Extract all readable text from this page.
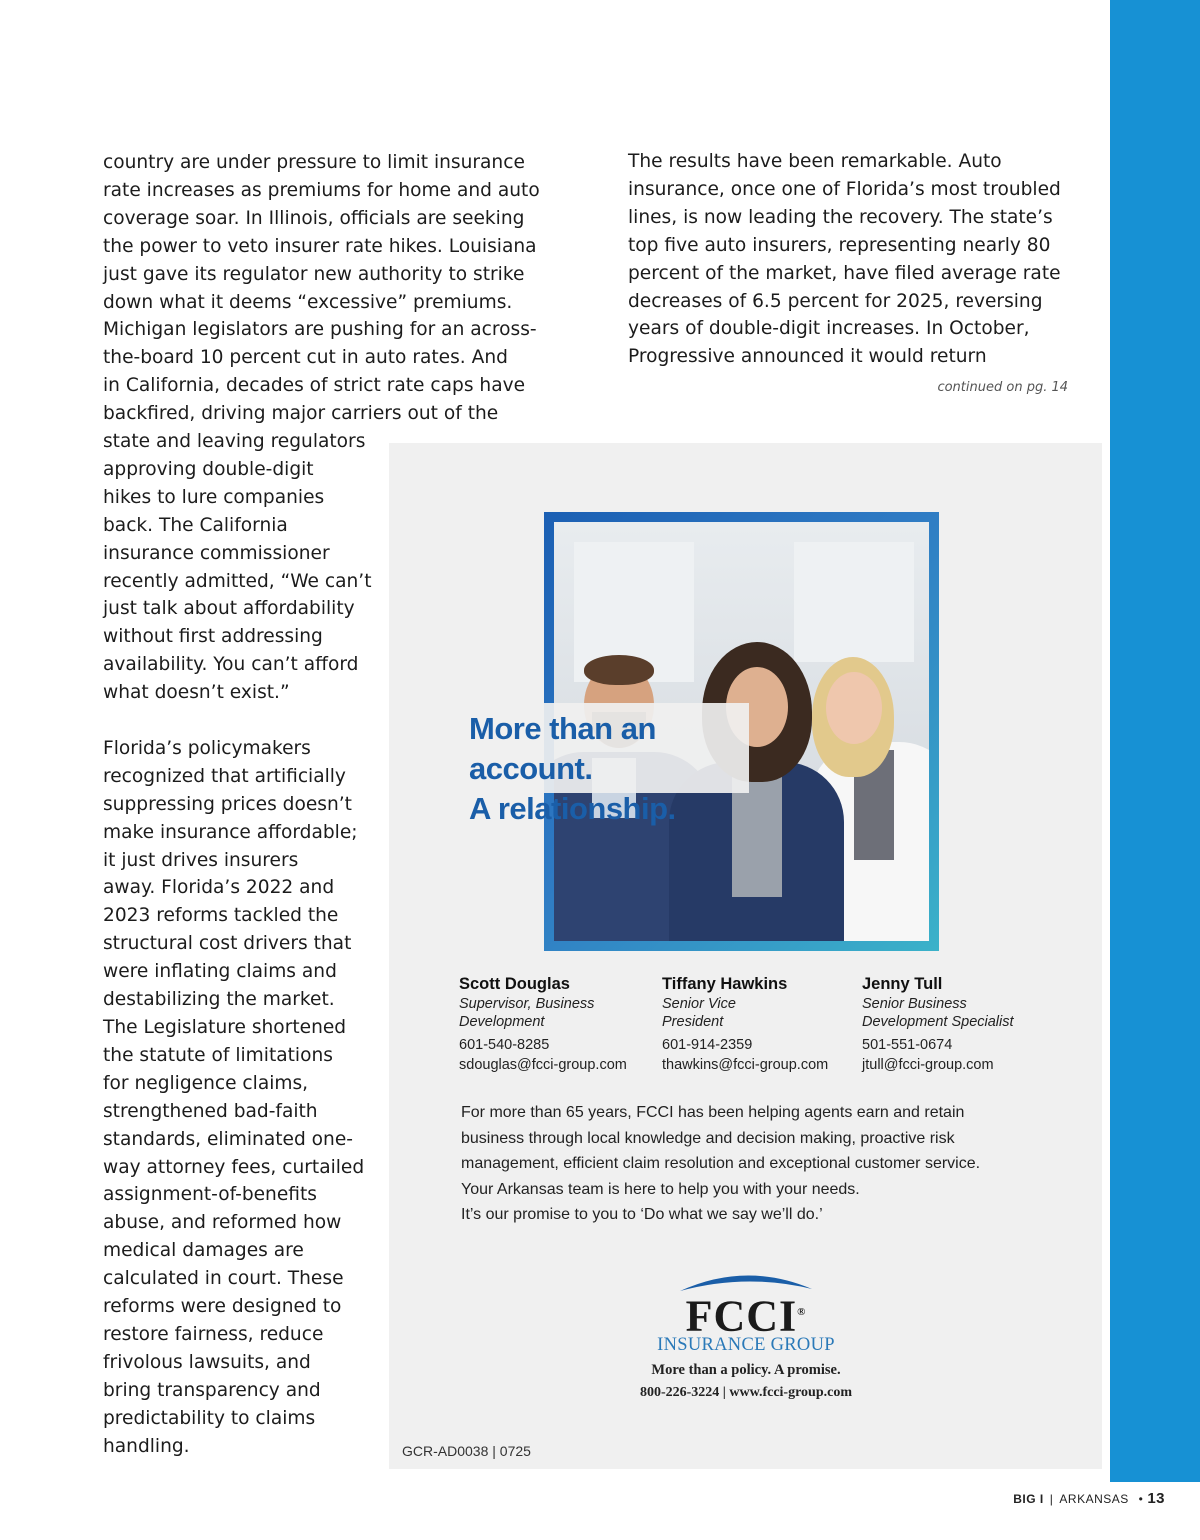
country are under pressure to limit insurance
rate increases as premiums for home and auto
coverage soar. In Illinois, officials are seeking
the power to veto insurer rate hikes. Louisiana
just gave its regulator new authority to strike
down what it deems “excessive” premiums.
Michigan legislators are pushing for an across-
the-board 10 percent cut in auto rates. And
in California, decades of strict rate caps have
backfired, driving major carriers out of the

state and leaving regulators
approving double-digit
hikes to lure companies
back. The California
insurance commissioner
recently admitted, “We can’t
just talk about affordability
without first addressing
availability. You can’t afford
what doesn’t exist.”

Florida’s policymakers
recognized that artificially
suppressing prices doesn’t
make insurance affordable;
it just drives insurers
away. Florida’s 2022 and
2023 reforms tackled the
structural cost drivers that
were inflating claims and
destabilizing the market.
The Legislature shortened
the statute of limitations
for negligence claims,
strengthened bad-faith
standards, eliminated one-
way attorney fees, curtailed
assignment-of-benefits
abuse, and reformed how
medical damages are
calculated in court. These
reforms were designed to
restore fairness, reduce
frivolous lawsuits, and
bring transparency and
predictability to claims
handling.

The results have been remarkable. Auto
insurance, once one of Florida’s most troubled
lines, is now leading the recovery. The state’s
top five auto insurers, representing nearly 80
percent of the market, have filed average rate
decreases of 6.5 percent for 2025, reversing
years of double-digit increases. In October,
Progressive announced it would return

continued on pg. 14

More than an account.
A relationship.

Scott Douglas
Supervisor, Business Development
601-540-8285
sdouglas@fcci-group.com
Tiffany Hawkins
Senior Vice President
601-914-2359
thawkins@fcci-group.com
Jenny Tull
Senior Business Development Specialist
501-551-0674
jtull@fcci-group.com

For more than 65 years, FCCI has been helping agents earn and retain

business through local knowledge and decision making, proactive risk

management, efficient claim resolution and exceptional customer service.

Your Arkansas team is here to help you with your needs.

It’s our promise to you to ‘Do what we say we’ll do.’

FCCI®
INSURANCE GROUP
More than a policy. A promise.
800-226-3224 | www.fcci-group.com
GCR-AD0038 | 0725
BIG I | ARKANSAS • 13
